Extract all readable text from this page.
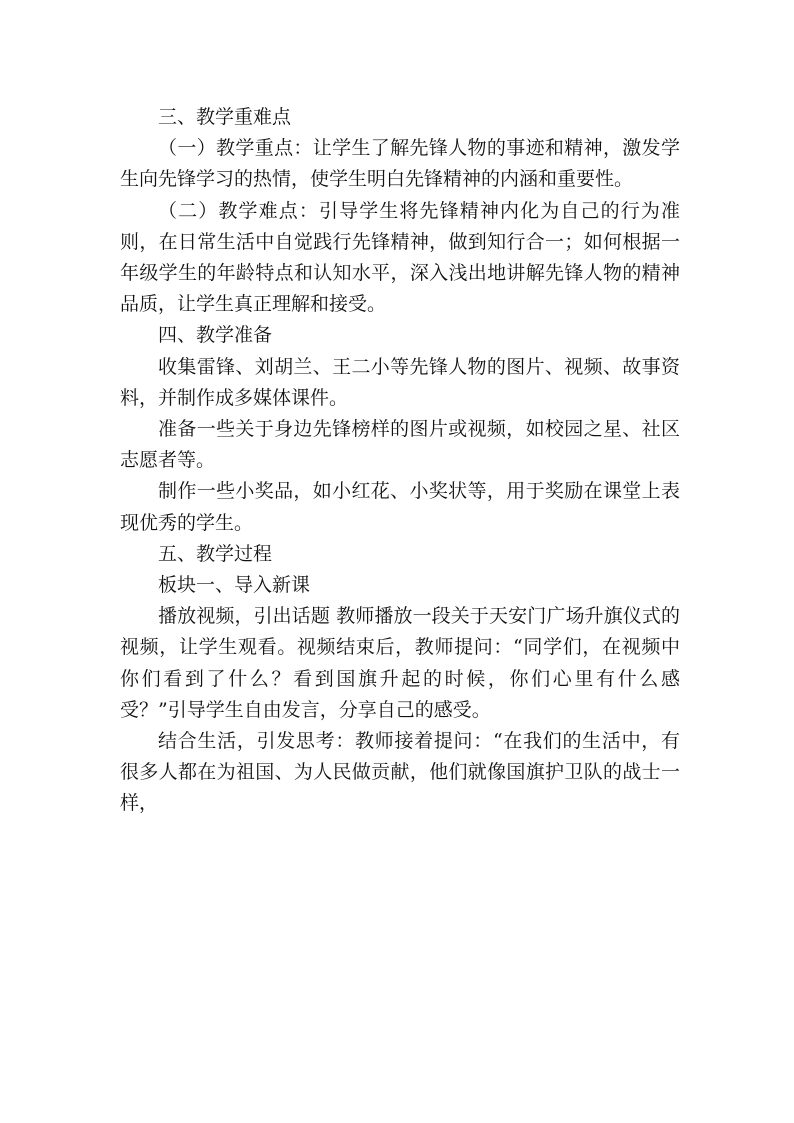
三、教学重难点

（一）教学重点：让学生了解先锋人物的事迹和精神，激发学生向先锋学习的热情，使学生明白先锋精神的内涵和重要性。

（二）教学难点：引导学生将先锋精神内化为自己的行为准则，在日常生活中自觉践行先锋精神，做到知行合一；如何根据一年级学生的年龄特点和认知水平，深入浅出地讲解先锋人物的精神品质，让学生真正理解和接受。

四、教学准备

收集雷锋、刘胡兰、王二小等先锋人物的图片、视频、故事资料，并制作成多媒体课件。

准备一些关于身边先锋榜样的图片或视频，如校园之星、社区志愿者等。

制作一些小奖品，如小红花、小奖状等，用于奖励在课堂上表现优秀的学生。

五、教学过程

板块一、导入新课

播放视频，引出话题 教师播放一段关于天安门广场升旗仪式的视频，让学生观看。视频结束后，教师提问：“同学们，在视频中你们看到了什么？看到国旗升起的时候，你们心里有什么感受？”引导学生自由发言，分享自己的感受。

结合生活，引发思考：教师接着提问：“在我们的生活中，有很多人都在为祖国、为人民做贡献，他们就像国旗护卫队的战士一样，
